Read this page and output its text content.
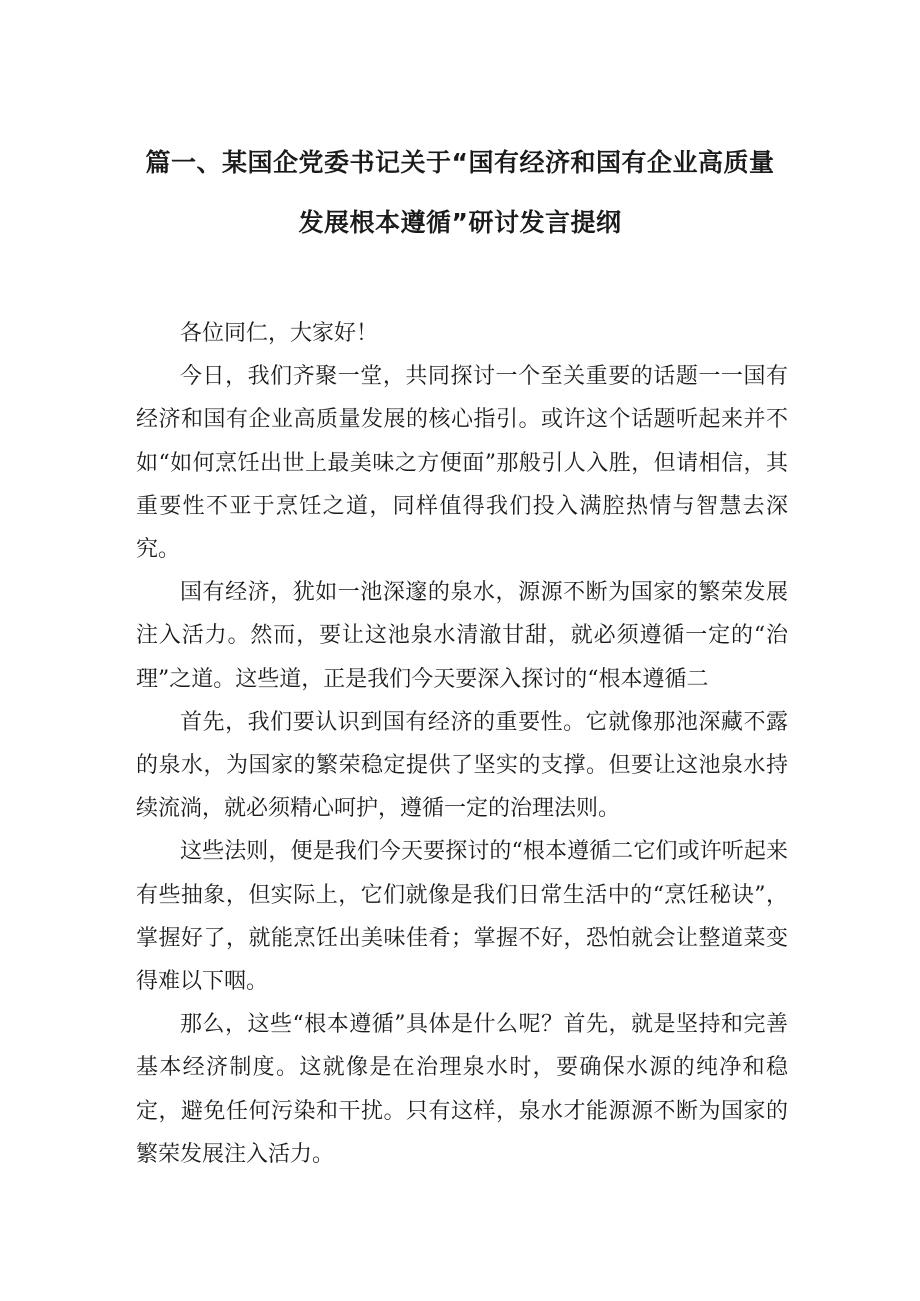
篇一、某国企党委书记关于“国有经济和国有企业高质量
发展根本遵循”研讨发言提纲

各位同仁，大家好！

今日，我们齐聚一堂，共同探讨一个至关重要的话题一一国有经济和国有企业高质量发展的核心指引。或许这个话题听起来并不如“如何烹饪出世上最美味之方便面”那般引人入胜，但请相信，其重要性不亚于烹饪之道，同样值得我们投入满腔热情与智慧去深究。

国有经济，犹如一池深邃的泉水，源源不断为国家的繁荣发展注入活力。然而，要让这池泉水清澈甘甜，就必须遵循一定的“治理”之道。这些道，正是我们今天要深入探讨的“根本遵循二

首先，我们要认识到国有经济的重要性。它就像那池深藏不露的泉水，为国家的繁荣稳定提供了坚实的支撑。但要让这池泉水持续流淌，就必须精心呵护，遵循一定的治理法则。

这些法则，便是我们今天要探讨的“根本遵循二它们或许听起来有些抽象，但实际上，它们就像是我们日常生活中的“烹饪秘诀”，掌握好了，就能烹饪出美味佳肴；掌握不好，恐怕就会让整道菜变得难以下咽。

那么，这些“根本遵循”具体是什么呢？首先，就是坚持和完善基本经济制度。这就像是在治理泉水时，要确保水源的纯净和稳定，避免任何污染和干扰。只有这样，泉水才能源源不断为国家的繁荣发展注入活力。
